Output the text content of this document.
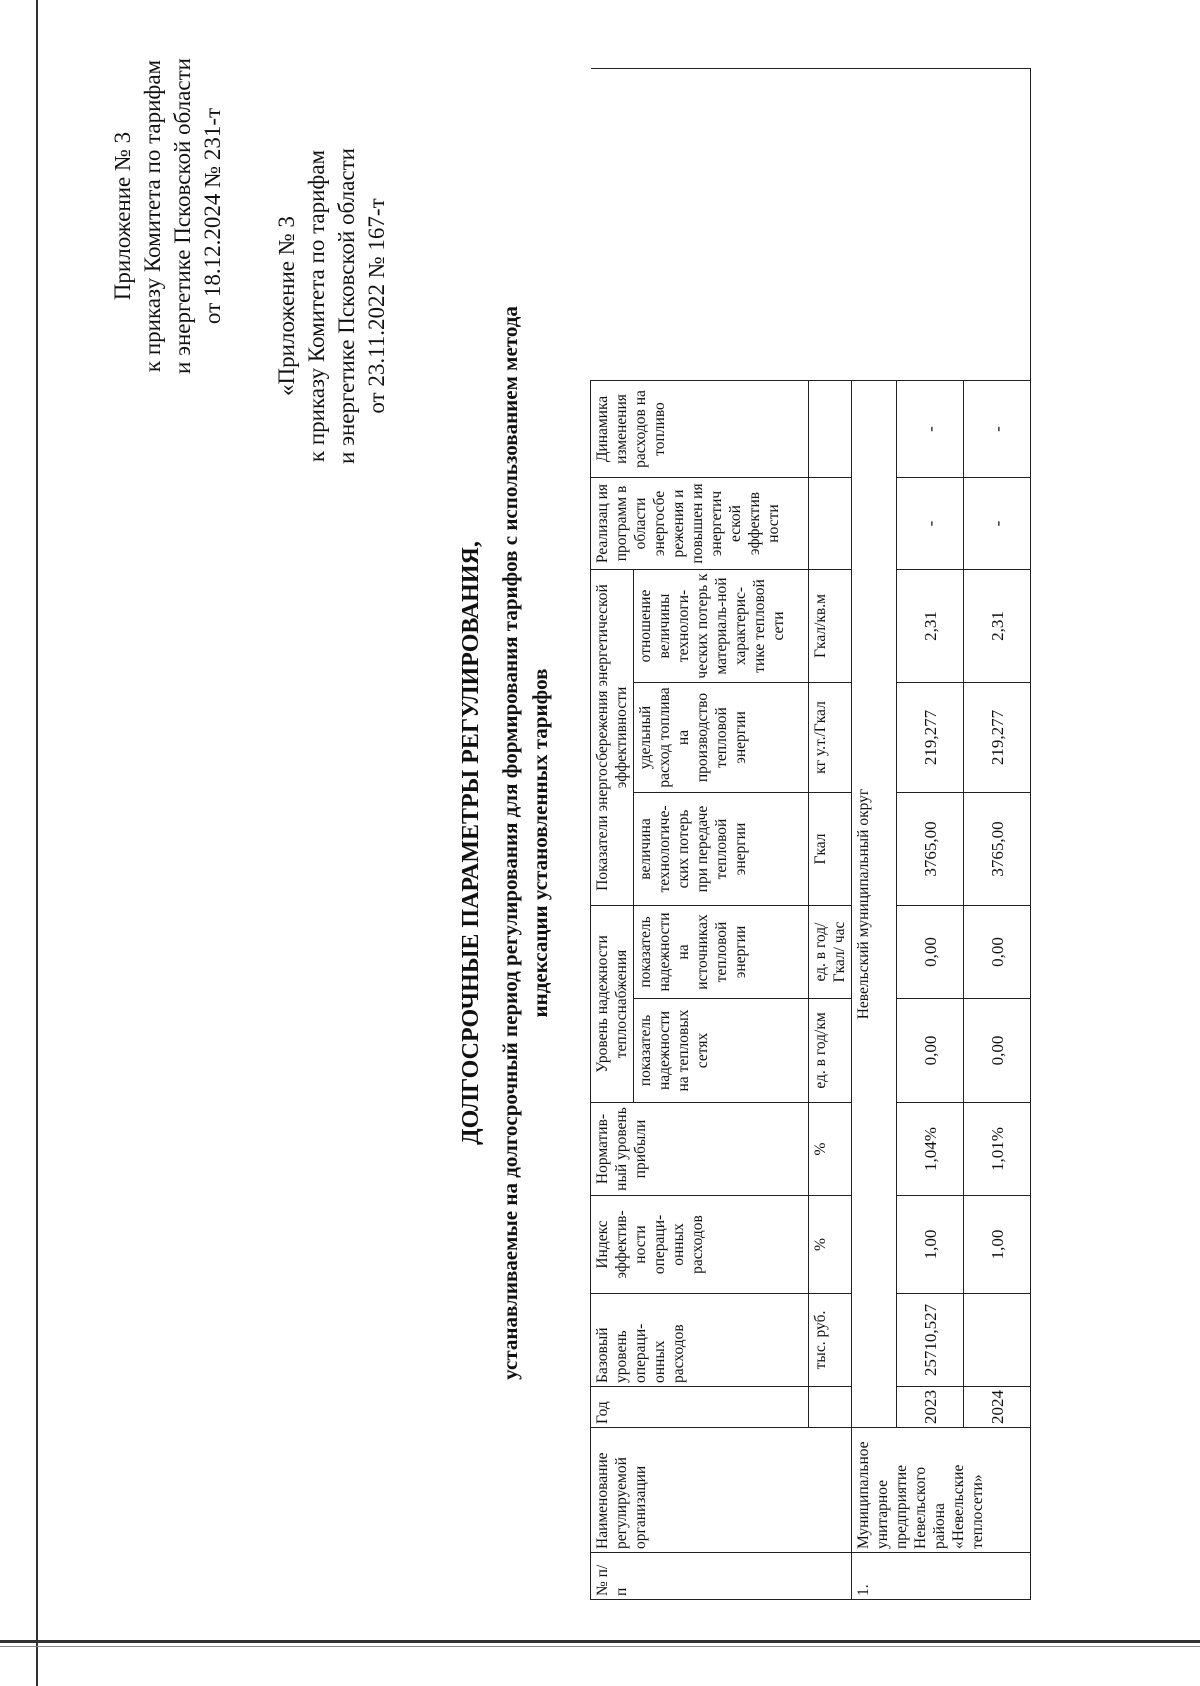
Приложение № 3 к приказу Комитета по тарифам и энергетике Псковской области от 18.12.2024 № 231-т «Приложение № 3 к приказу Комитета по тарифам и энергетике Псковской области от 23.11.2022 № 167-т
ДОЛГОСРОЧНЫЕ ПАРАМЕТРЫ РЕГУЛИРОВАНИЯ, устанавливаемые на долгосрочный период регулирования для формирования тарифов с использованием метода индексации установленных тарифов
№ п/ п	Наименование регулируемой организации	Год	Базовый уровень операци-онных расходов	Индекс эффектив-ности операци-онных расходов	Норматив-ный уровень прибыли	Уровень надежности теплоснабжения		Показатели энергосбережения энергетической эффективности			Реализац ия программ в области энергосбе режения и повышен ия энергетич еской эффектив ности	Динамика изменения расходов на топливо	
						показатель надежности на тепловых сетях	показатель надежности на источниках тепловой энергии	величина технологиче-ских потерь при передаче тепловой энергии	удельный расход топлива на производство тепловой энергии	отношение величины технологи-ческих потерь к материаль-ной характерис-тике тепловой сети			
			тыс. руб.	%	%	ед. в год/км	ед. в год/Гкал/ час	Гкал	кг у.т./Гкал	Гкал/кв.м			
1.	Муниципальное унитарное предприятие Невельского района «Невельские теплосети»	Невельский муниципальный округ											
		2023	25710,527	1,00	1,04%	0,00	0,00	3765,00	219,277	2,31	-	-	
		2024		1,00	1,01%	0,00	0,00	3765,00	219,277	2,31	-	-	
